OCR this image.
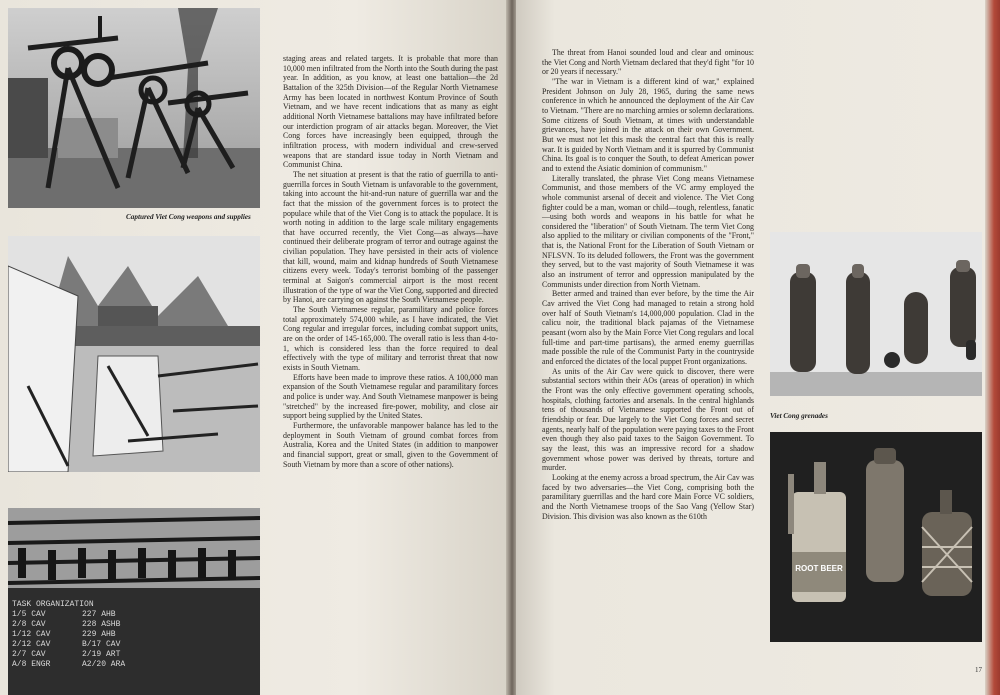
Captured Viet Cong weapons and supplies
TASK ORGANIZATION
1/5 CAV	227 AHB
2/8 CAV	228 ASHB
1/12 CAV	229 AHB
2/12 CAV	B/17 CAV
2/7 CAV	2/19 ART
A/8 ENGR	A2/20 ARA

staging areas and related targets. It is probable that more than 10,000 men infiltrated from the North into the South during the past year. In addition, as you know, at least one battalion—the 2d Battalion of the 325th Division—of the Regular North Vietnamese Army has been located in northwest Kontum Province of South Vietnam, and we have recent indications that as many as eight additional North Vietnamese battalions may have infiltrated before our interdiction program of air attacks began. Moreover, the Viet Cong forces have increasingly been equipped, through the infiltration process, with modern individual and crew-served weapons that are standard issue today in North Vietnam and Communist China.

The net situation at present is that the ratio of guerrilla to anti-guerrilla forces in South Vietnam is unfavorable to the government, taking into account the hit-and-run nature of guerrilla war and the fact that the mission of the government forces is to protect the populace while that of the Viet Cong is to attack the populace. It is worth noting in addition to the large scale military engagements that have occurred recently, the Viet Cong—as always—have continued their deliberate program of terror and outrage against the civilian population. They have persisted in their acts of violence that kill, wound, maim and kidnap hundreds of South Vietnamese citizens every week. Today's terrorist bombing of the passenger terminal at Saigon's commercial airport is the most recent illustration of the type of war the Viet Cong, supported and directed by Hanoi, are carrying on against the South Vietnamese people.

The South Vietnamese regular, paramilitary and police forces total approximately 574,000 while, as I have indicated, the Viet Cong regular and irregular forces, including combat support units, are on the order of 145-165,000. The overall ratio is less than 4-to-1, which is considered less than the force required to deal effectively with the type of military and terrorist threat that now exists in South Vietnam.

Efforts have been made to improve these ratios. A 100,000 man expansion of the South Vietnamese regular and paramilitary forces and police is under way. And South Vietnamese manpower is being "stretched" by the increased fire-power, mobility, and close air support being supplied by the United States.

Furthermore, the unfavorable manpower balance has led to the deployment in South Vietnam of ground combat forces from Australia, Korea and the United States (in addition to manpower and financial support, great or small, given to the Government of South Vietnam by more than a score of other nations).

The threat from Hanoi sounded loud and clear and ominous: the Viet Cong and North Vietnam declared that they'd fight "for 10 or 20 years if necessary."

"The war in Vietnam is a different kind of war," explained President Johnson on July 28, 1965, during the same news conference in which he announced the deployment of the Air Cav to Vietnam. "There are no marching armies or solemn declarations. Some citizens of South Vietnam, at times with understandable grievances, have joined in the attack on their own Government. But we must not let this mask the central fact that this is really war. It is guided by North Vietnam and it is spurred by Communist China. Its goal is to conquer the South, to defeat American power and to extend the Asiatic dominion of communism."

Literally translated, the phrase Viet Cong means Vietnamese Communist, and those members of the VC army employed the whole communist arsenal of deceit and violence. The Viet Cong fighter could be a man, woman or child—tough, relentless, fanatic—using both words and weapons in his battle for what he considered the "liberation" of South Vietnam. The term Viet Cong also applied to the military or civilian components of the "Front," that is, the National Front for the Liberation of South Vietnam or NFLSVN. To its deluded followers, the Front was the government they served, but to the vast majority of South Vietnamese it was also an instrument of terror and oppression manipulated by the Communists under direction from North Vietnam.

Better armed and trained than ever before, by the time the Air Cav arrived the Viet Cong had managed to retain a strong hold over half of South Vietnam's 14,000,000 population. Clad in the calicu noir, the traditional black pajamas of the Vietnamese peasant (worn also by the Main Force Viet Cong regulars and local full-time and part-time partisans), the armed enemy guerrillas made possible the rule of the Communist Party in the countryside and enforced the dictates of the local puppet Front organizations.

As units of the Air Cav were quick to discover, there were substantial sectors within their AOs (areas of operation) in which the Front was the only effective government operating schools, hospitals, clothing factories and arsenals. In the central highlands tens of thousands of Vietnamese supported the Front out of friendship or fear. Due largely to the Viet Cong forces and secret agents, nearly half of the population were paying taxes to the Front even though they also paid taxes to the Saigon Government. To say the least, this was an impressive record for a shadow government whose power was derived by threats, torture and murder.

Looking at the enemy across a broad spectrum, the Air Cav was faced by two adversaries—the Viet Cong, comprising both the paramilitary guerrillas and the hard core Main Force VC soldiers, and the North Vietnamese troops of the Sao Vang (Yellow Star) Division. This division was also known as the 610th

Viet Cong grenades
ROOT BEER
17
